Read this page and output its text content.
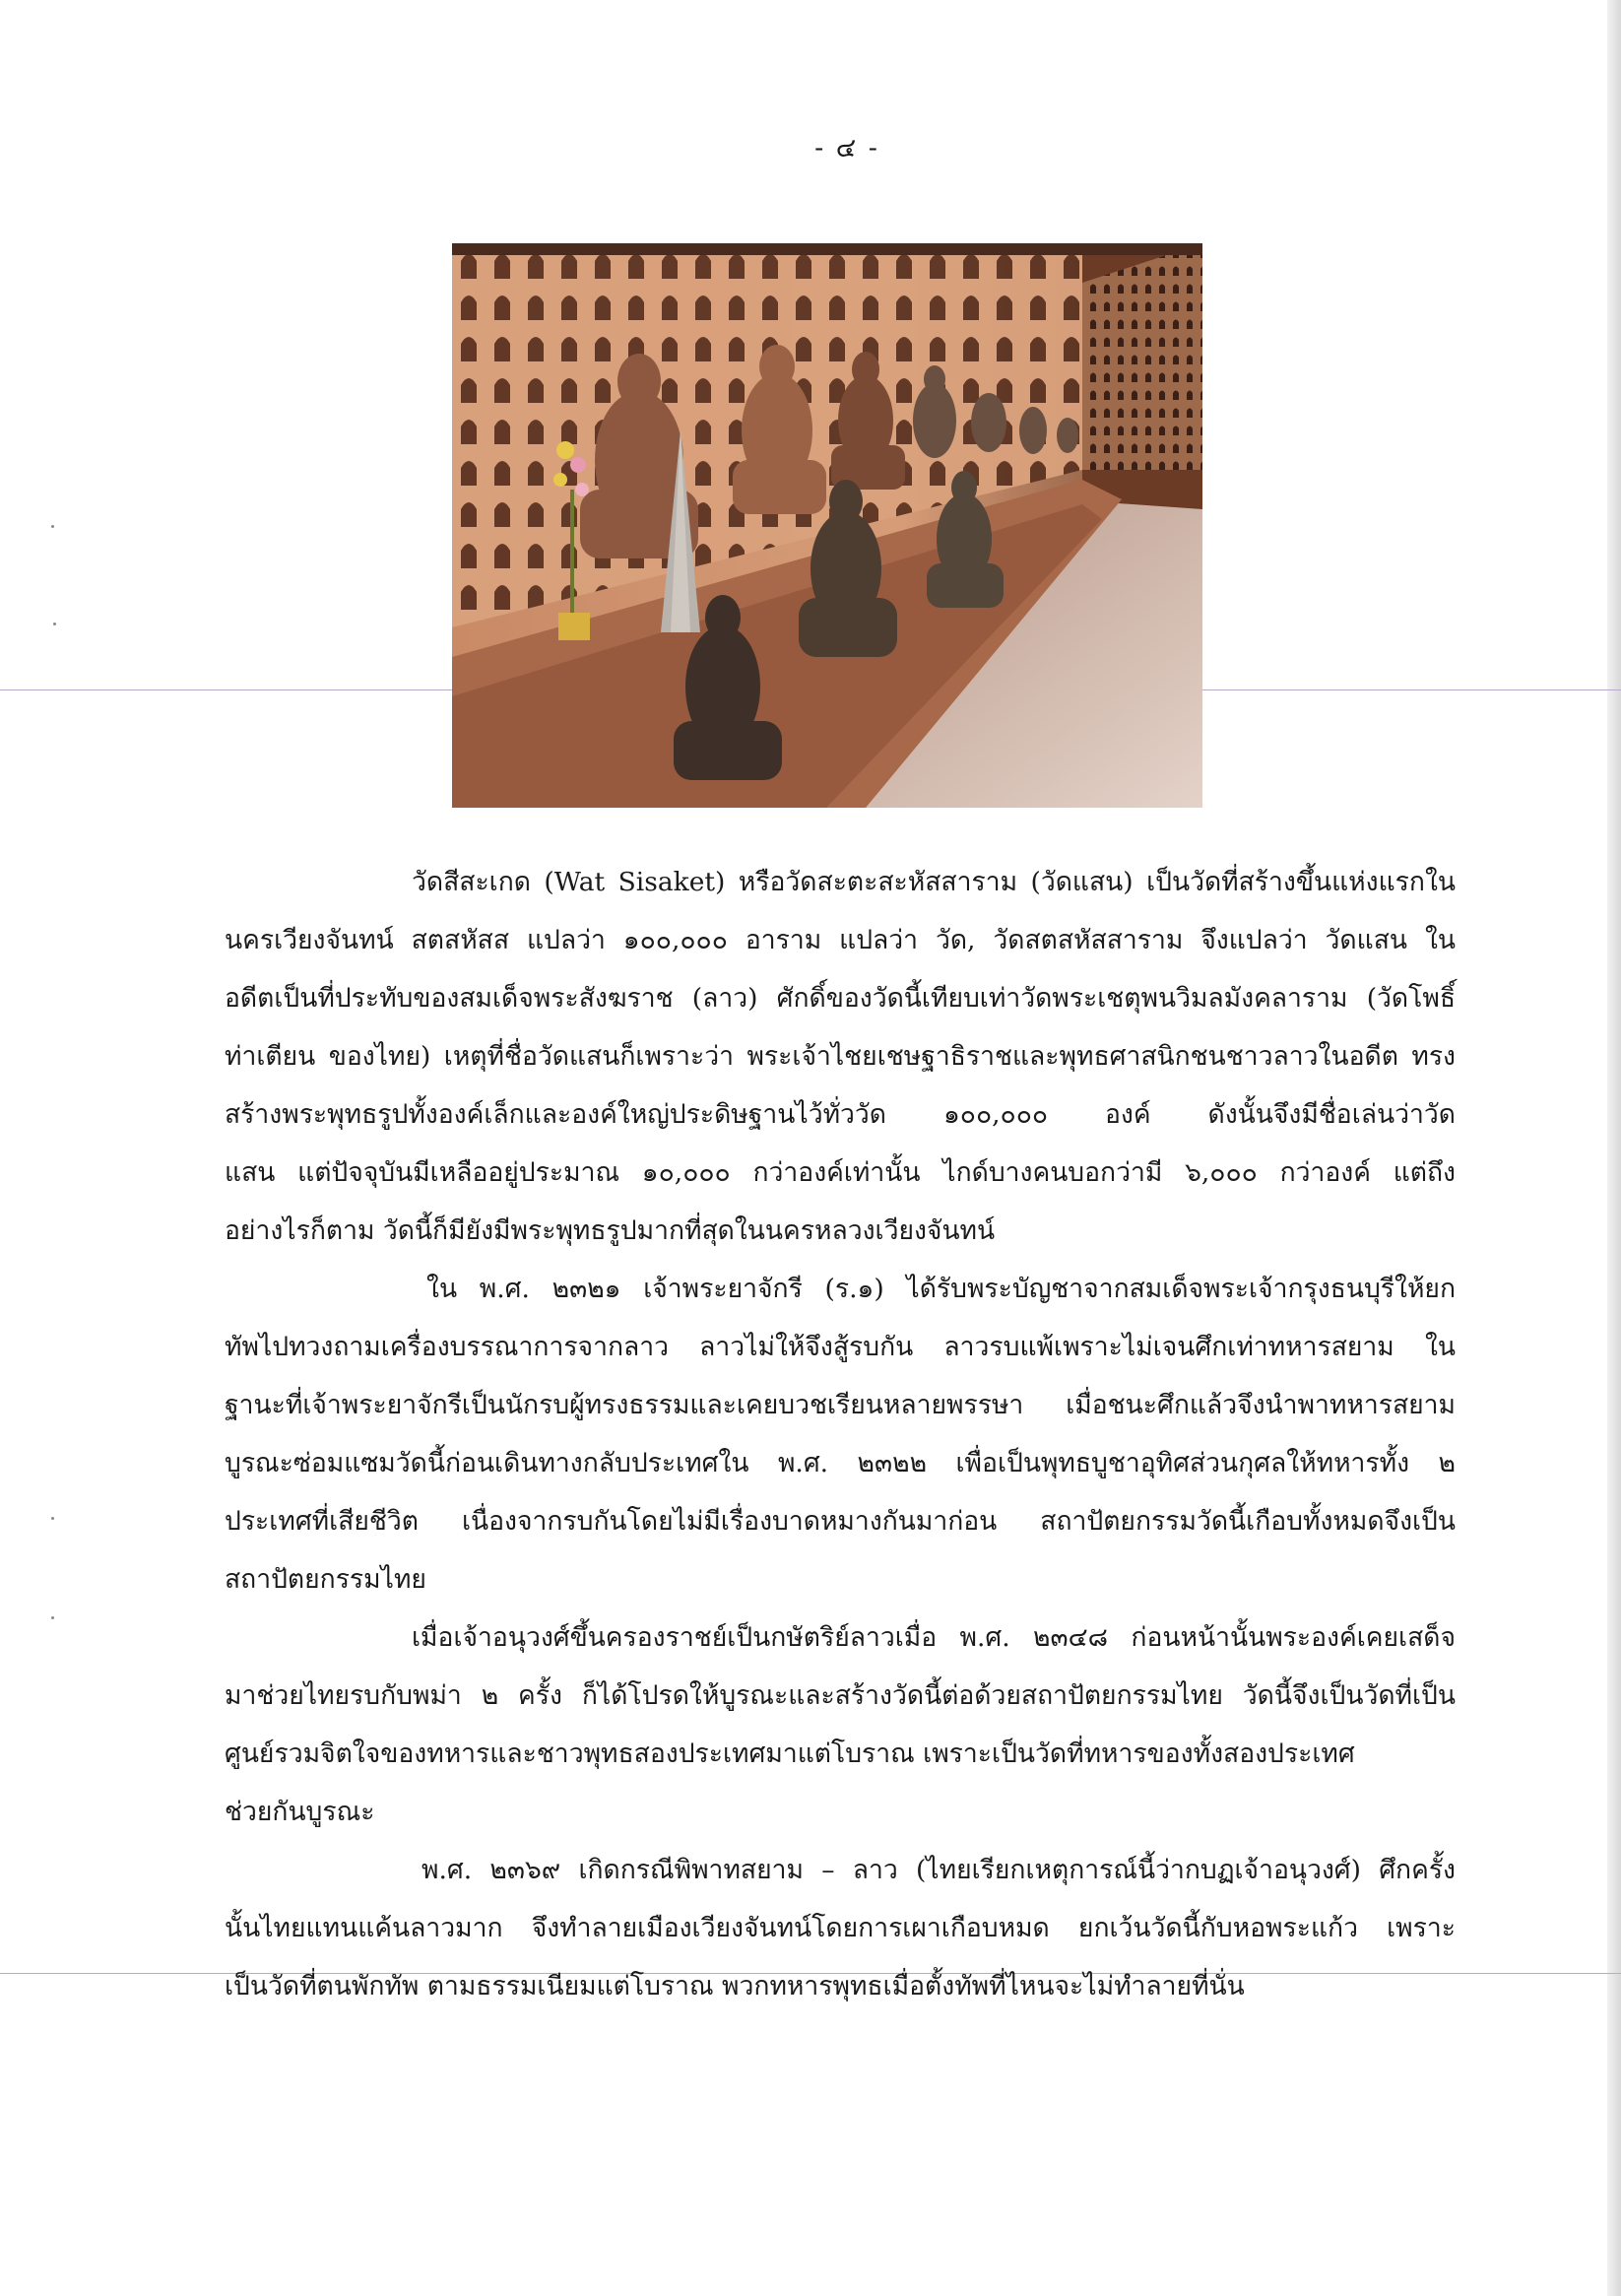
- ๔ -

วัดสีสะเกด (Wat Sisaket) หรือวัดสะตะสะหัสสาราม (วัดแสน) เป็นวัดที่สร้างขึ้นแห่งแรกใน
นครเวียงจันทน์ สตสหัสส แปลว่า ๑๐๐,๐๐๐ อาราม แปลว่า วัด, วัดสตสหัสสาราม จึงแปลว่า วัดแสน ใน
อดีตเป็นที่ประทับของสมเด็จพระสังฆราช (ลาว) ศักดิ์ของวัดนี้เทียบเท่าวัดพระเชตุพนวิมลมังคลาราม (วัดโพธิ์
ท่าเตียน ของไทย) เหตุที่ชื่อวัดแสนก็เพราะว่า พระเจ้าไชยเชษฐาธิราชและพุทธศาสนิกชนชาวลาวในอดีต ทรง
สร้างพระพุทธรูปทั้งองค์เล็กและองค์ใหญ่ประดิษฐานไว้ทั่ววัด ๑๐๐,๐๐๐ องค์ ดังนั้นจึงมีชื่อเล่นว่าวัด
แสน แต่ปัจจุบันมีเหลืออยู่ประมาณ ๑๐,๐๐๐ กว่าองค์เท่านั้น ไกด์บางคนบอกว่ามี ๖,๐๐๐ กว่าองค์ แต่ถึง
อย่างไรก็ตาม วัดนี้ก็มียังมีพระพุทธรูปมากที่สุดในนครหลวงเวียงจันทน์

ใน พ.ศ. ๒๓๒๑ เจ้าพระยาจักรี (ร.๑) ได้รับพระบัญชาจากสมเด็จพระเจ้ากรุงธนบุรีให้ยก
ทัพไปทวงถามเครื่องบรรณาการจากลาว ลาวไม่ให้จึงสู้รบกัน ลาวรบแพ้เพราะไม่เจนศึกเท่าทหารสยาม ใน
ฐานะที่เจ้าพระยาจักรีเป็นนักรบผู้ทรงธรรมและเคยบวชเรียนหลายพรรษา เมื่อชนะศึกแล้วจึงนำพาทหารสยาม
บูรณะซ่อมแซมวัดนี้ก่อนเดินทางกลับประเทศใน พ.ศ. ๒๓๒๒ เพื่อเป็นพุทธบูชาอุทิศส่วนกุศลให้ทหารทั้ง ๒
ประเทศที่เสียชีวิต เนื่องจากรบกันโดยไม่มีเรื่องบาดหมางกันมาก่อน สถาปัตยกรรมวัดนี้เกือบทั้งหมดจึงเป็น
สถาปัตยกรรมไทย

เมื่อเจ้าอนุวงศ์ขึ้นครองราชย์เป็นกษัตริย์ลาวเมื่อ พ.ศ. ๒๓๔๘ ก่อนหน้านั้นพระองค์เคยเสด็จ
มาช่วยไทยรบกับพม่า ๒ ครั้ง ก็ได้โปรดให้บูรณะและสร้างวัดนี้ต่อด้วยสถาปัตยกรรมไทย วัดนี้จึงเป็นวัดที่เป็น
ศูนย์รวมจิตใจของทหารและชาวพุทธสองประเทศมาแต่โบราณ เพราะเป็นวัดที่ทหารของทั้งสองประเทศ
ช่วยกันบูรณะ

พ.ศ. ๒๓๖๙ เกิดกรณีพิพาทสยาม – ลาว (ไทยเรียกเหตุการณ์นี้ว่ากบฏเจ้าอนุวงศ์) ศึกครั้ง
นั้นไทยแทนแค้นลาวมาก จึงทำลายเมืองเวียงจันทน์โดยการเผาเกือบหมด ยกเว้นวัดนี้กับหอพระแก้ว เพราะ
เป็นวัดที่ตนพักทัพ ตามธรรมเนียมแต่โบราณ พวกทหารพุทธเมื่อตั้งทัพที่ไหนจะไม่ทำลายที่นั่น
